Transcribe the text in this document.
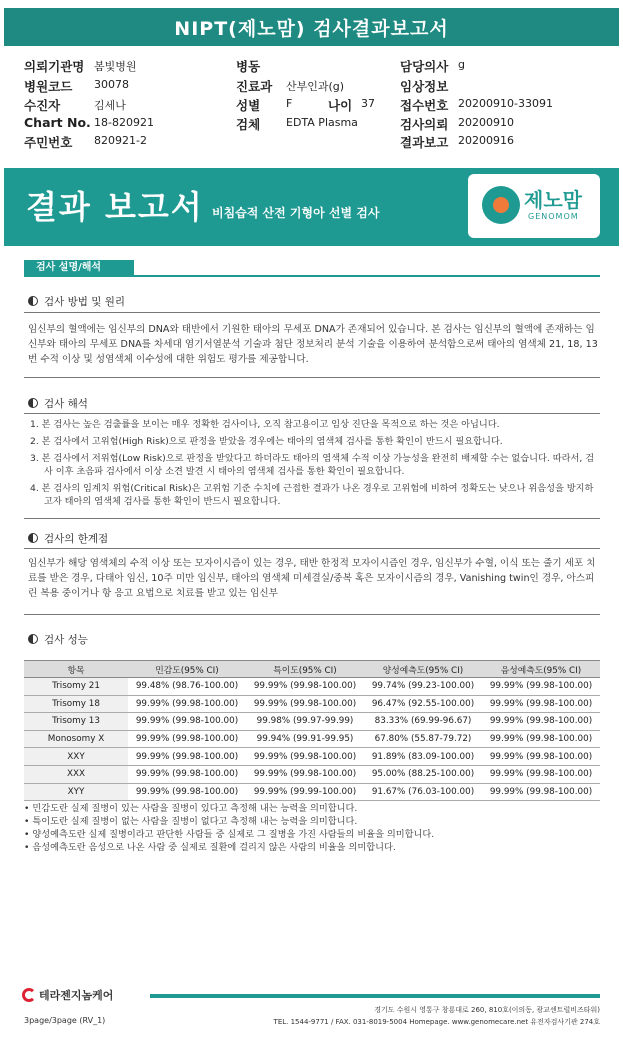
NIPT(제노맘) 검사결과보고서
의뢰기관명 봄빛병원
병원코드 30078
수진자	김세나
Chart No. 18-820921
주민번호 820921-2
병동
진료과 산부인과(g)
성별 F	나이 37
검체 EDTA Plasma
담당의사 g
임상정보
접수번호 20200910-33091
검사의뢰 20200910
결과보고 20200916
결과 보고서 비침습적 산전 기형아 선별 검사
제노맘
GENOMOM
검사 설명/해석
검사 방법 및 원리
임신부의 혈액에는 임신부의 DNA와 태반에서 기원한 태아의 무세포 DNA가 존재되어 있습니다. 본 검사는 임신부의 혈액에 존재하는 임신부와 태아의 무세포 DNA를 차세대 염기서열분석 기술과 첨단 정보처리 분석 기술을 이용하여 분석함으로써 태아의 염색체 21, 18, 13번 수적 이상 및 성염색체 이수성에 대한 위험도 평가를 제공합니다.
검사 해석
1. 본 검사는 높은 검출률을 보이는 매우 정확한 검사이나, 오직 참고용이고 임상 진단을 목적으로 하는 것은 아닙니다.
2. 본 검사에서 고위험(High Risk)으로 판정을 받았을 경우에는 태아의 염색체 검사를 통한 확인이 반드시 필요합니다.
3. 본 검사에서 저위험(Low Risk)으로 판정을 받았다고 하더라도 태아의 염색체 수적 이상 가능성을 완전히 배제할 수는 없습니다. 따라서, 검사 이후 초음파 검사에서 이상 소견 발견 시 태아의 염색체 검사를 통한 확인이 필요합니다.
4. 본 검사의 임계치 위험(Critical Risk)은 고위험 기준 수치에 근접한 결과가 나온 경우로 고위험에 비하여 정확도는 낮으나 위음성을 방지하고자 태아의 염색체 검사를 통한 확인이 반드시 필요합니다.
검사의 한계점
임신부가 해당 염색체의 수적 이상 또는 모자이시즘이 있는 경우, 태반 한정적 모자이시즘인 경우, 임신부가 수혈, 이식 또는 줄기 세포 치료를 받은 경우, 다태아 임신, 10주 미만 임신부, 태아의 염색체 미세결실/중복 혹은 모자이시즘의 경우, Vanishing twin인 경우, 아스피린 복용 중이거나 항 응고 요법으로 치료를 받고 있는 임신부
검사 성능
항목	민감도(95% CI)	특이도(95% CI)	양성예측도(95% CI)	음성예측도(95% CI)
Trisomy 21	99.48% (98.76-100.00)	99.99% (99.98-100.00)	99.74% (99.23-100.00)	99.99% (99.98-100.00)
Trisomy 18	99.99% (99.98-100.00)	99.99% (99.98-100.00)	96.47% (92.55-100.00)	99.99% (99.98-100.00)
Trisomy 13	99.99% (99.98-100.00)	99.98% (99.97-99.99)	83.33% (69.99-96.67)	99.99% (99.98-100.00)
Monosomy X	99.99% (99.98-100.00)	99.94% (99.91-99.95)	67.80% (55.87-79.72)	99.99% (99.98-100.00)
XXY	99.99% (99.98-100.00)	99.99% (99.98-100.00)	91.89% (83.09-100.00)	99.99% (99.98-100.00)
XXX	99.99% (99.98-100.00)	99.99% (99.98-100.00)	95.00% (88.25-100.00)	99.99% (99.98-100.00)
XYY	99.99% (99.98-100.00)	99.99% (99.99-100.00)	91.67% (76.03-100.00)	99.99% (99.98-100.00)
• 민감도란 실제 질병이 있는 사람을 질병이 있다고 측정해 내는 능력을 의미합니다.
• 특이도란 실제 질병이 없는 사람을 질병이 없다고 측정해 내는 능력을 의미합니다.
• 양성예측도란 실제 질병이라고 판단한 사람들 중 실제로 그 질병을 가진 사람들의 비율을 의미합니다.
• 음성예측도란 음성으로 나온 사람 중 실제로 질환에 걸리지 않은 사람의 비율을 의미합니다.
테라젠지놈케어
경기도 수원시 영통구 창룡대로 260, 810호(이의동, 광교센트럴비즈타워)
TEL. 1544-9771 / FAX. 031-8019-5004 Homepage. www.genomecare.net 유전자검사기관 274호
3page/3page (RV_1)
